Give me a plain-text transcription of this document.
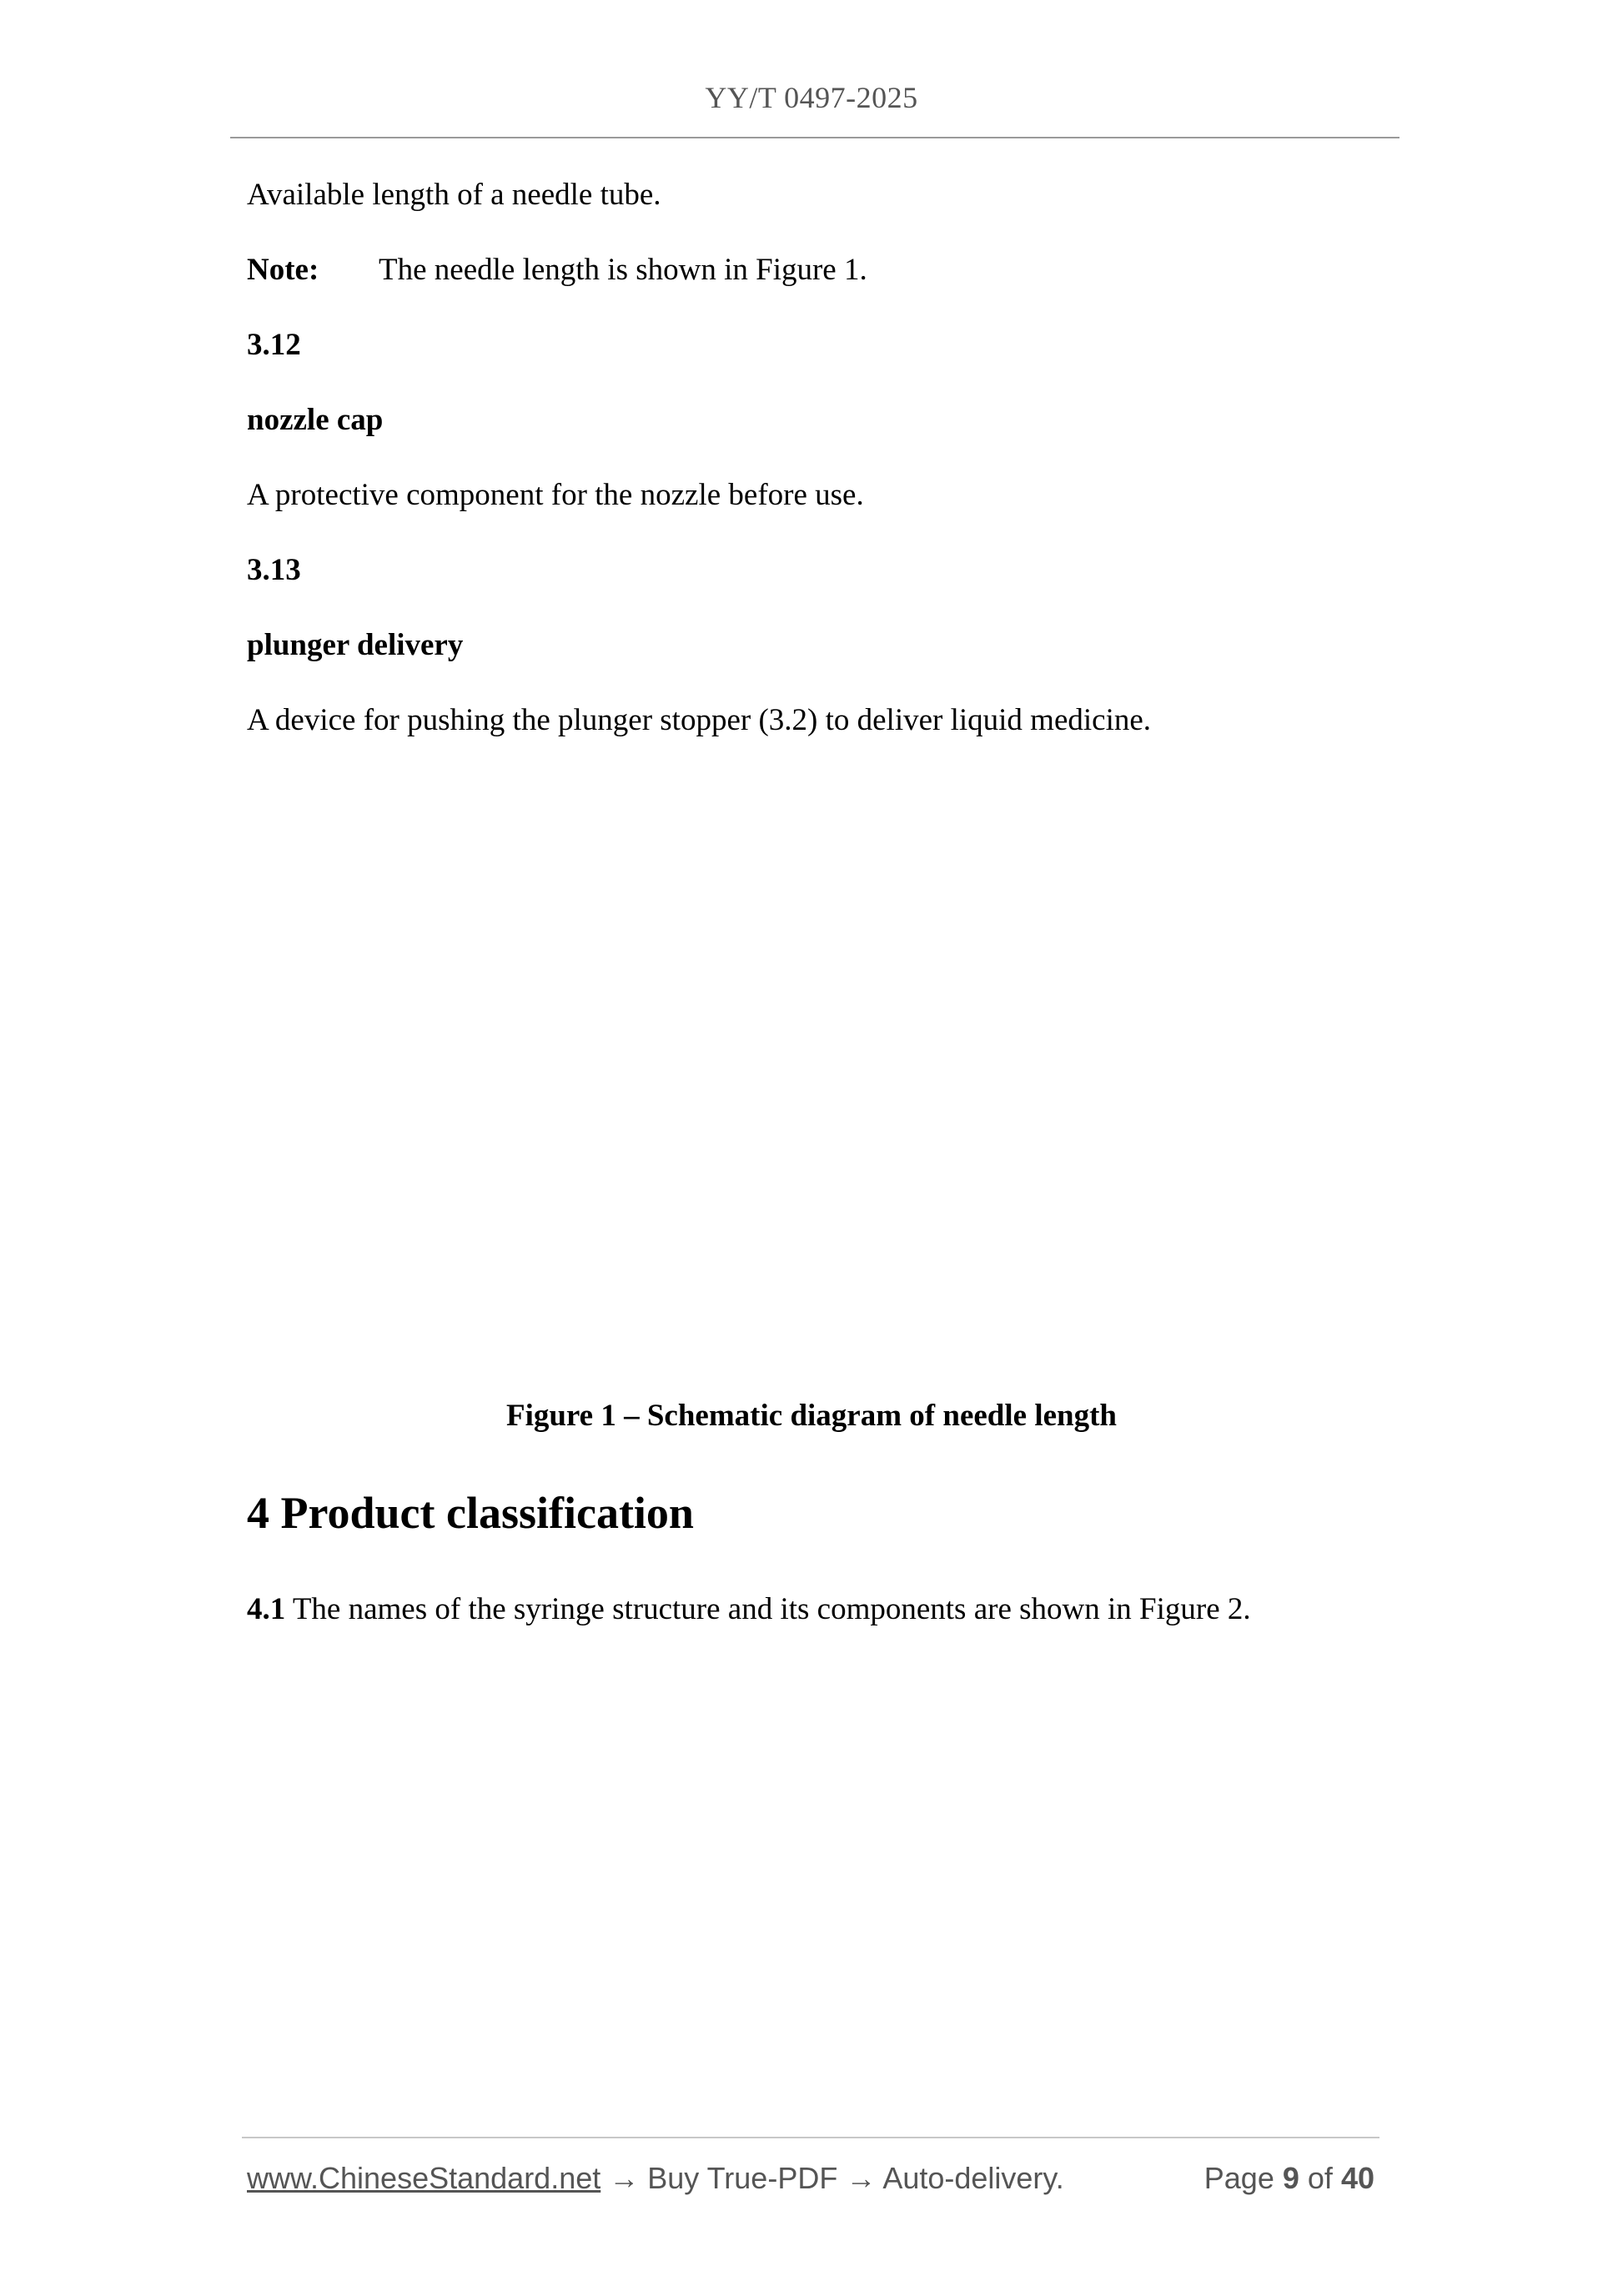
YY/T 0497-2025
Available length of a needle tube.
Note: The needle length is shown in Figure 1.
3.12
nozzle cap
A protective component for the nozzle before use.
3.13
plunger delivery
A device for pushing the plunger stopper (3.2) to deliver liquid medicine.
Figure 1 – Schematic diagram of needle length
4 Product classification
4.1 The names of the syringe structure and its components are shown in Figure 2.
www.ChineseStandard.net → Buy True-PDF → Auto-delivery.	Page 9 of 40
